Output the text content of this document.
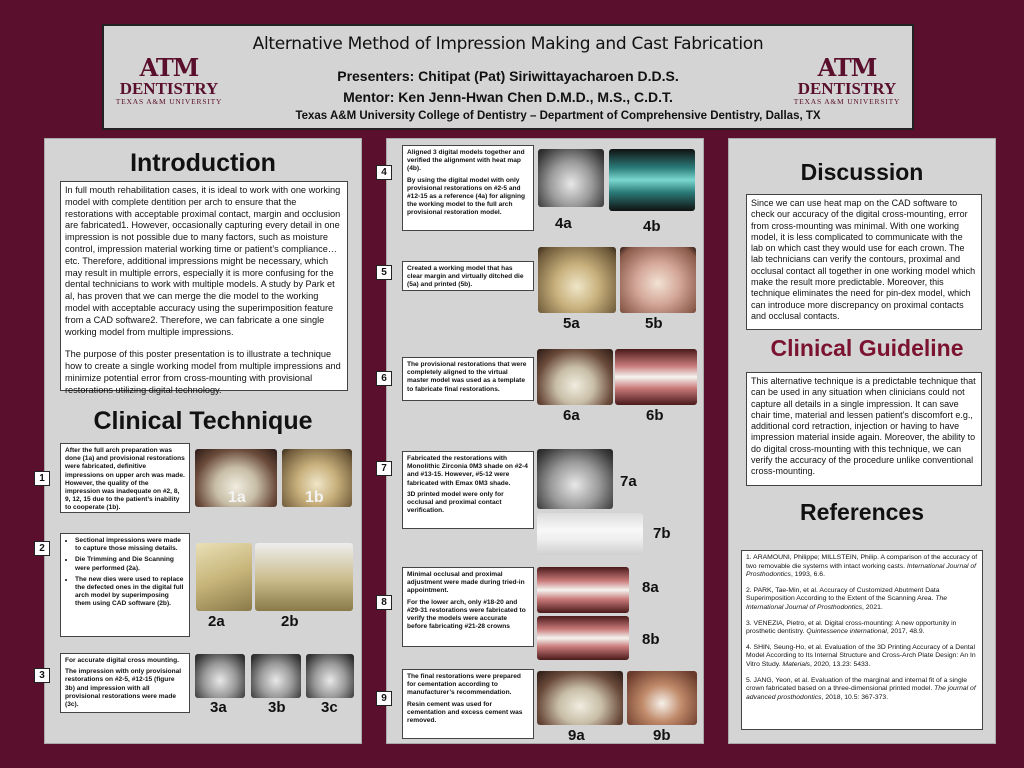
ATM
DENTISTRY
TEXAS A&M UNIVERSITY
ATM
DENTISTRY
TEXAS A&M UNIVERSITY
Alternative Method of Impression Making and Cast Fabrication
Presenters: Chitipat (Pat) Siriwittayacharoen D.D.S.
Mentor: Ken Jenn-Hwan Chen D.M.D., M.S., C.D.T.
Texas A&M University College of Dentistry – Department of Comprehensive Dentistry, Dallas, TX
Introduction

In full mouth rehabilitation cases, it is ideal to work with one working model with complete dentition per arch to ensure that the restorations with acceptable proximal contact, margin and occlusion are fabricated1. However, occasionally capturing every detail in one impression is not possible due to many factors, such as moisture control, impression material working time or patient’s compliance… etc. Therefore, additional impressions might be necessary, which may result in multiple errors, especially it is more confusing for the dental technicians to work with multiple models. A study by Park et al, has proven that we can merge the die model to the working model with acceptable accuracy using the superimposition feature from a CAD software2. Therefore, we can fabricate a one single working model from multiple impressions.

The purpose of this poster presentation is to illustrate a technique how to create a single working model from multiple impressions and minimize potential error from cross-mounting with provisional restorations utilizing digital technology.

Clinical Technique
1
After the full arch preparation was done (1a) and provisional restorations were fabricated, definitive impressions on upper arch was made. However, the quality of the impression was inadequate on #2, 8, 9, 12, 15 due to the patient’s inability to cooperate (1b).
1a	1b
2
• Sectional impressions were made to capture those missing details.
• Die Trimming and Die Scanning were performed (2a).
• The new dies were used to replace the defected ones in the digital full arch model by superimposing them using CAD software (2b).
2a	2b
3

For accurate digital cross mounting.

The impression with only provisional restorations on #2-5, #12-15 (figure 3b) and impression with all provisional restorations were made (3c).	3a	3b 3c
4

Aligned 3 digital models together and verified the alignment with heat map (4b).

By using the digital model with only provisional restorations on #2-5 and #12-15 as a reference (4a) for aligning the working model to the full arch provisional restoration model.

4a	4b
5	Created a working model that has clear margin and virtually ditched die (5a) and printed (5b).
5a	5b
6
The provisional restorations that were completely aligned to the virtual master model was used as a template to fabricate final restorations.
6a	6b
7

Fabricated the restorations with Monolithic Zirconia 0M3 shade on #2-4 and #13-15. However, #5-12 were fabricated with Emax 0M3 shade.

3D printed model were only for occlusal and proximal contact verification.

7a
7b
8

Minimal occlusal and proximal adjustment were made during tried-in appointment.

For the lower arch, only #18-20 and #29-31 restorations were fabricated to verify the models were accurate before fabricating #21-28 crowns

8a
8b
9

The final restorations were prepared for cementation according to manufacturer’s recommendation.

Resin cement was used for cementation and excess cement was removed.

9a	9b
Discussion
Since we can use heat map on the CAD software to check our accuracy of the digital cross-mounting, error from cross-mounting was minimal. With one working model, it is less complicated to communicate with the lab on which cast they would use for each crown. The lab technicians can verify the contours, proximal and occlusal contact all together in one working model which make the result more predictable. Moreover, this technique eliminates the need for pin-dex model, which can introduce more discrepancy on proximal contacts and occlusal contacts.
Clinical Guideline
This alternative technique is a predictable technique that can be used in any situation when clinicians could not capture all details in a single impression. It can save chair time, material and lessen patient’s discomfort e.g., additional cord retraction, injection or having to have impression material inside again. Moreover, the ability to do digital cross-mounting with this technique, we can verify the accuracy of the procedure unlike conventional cross-mounting.
References

1. ARAMOUNI, Philippe; MILLSTEIN, Philip. A comparison of the accuracy of two removable die systems with intact working casts. International Journal of Prosthodontics, 1993, 6.6.

2. PARK, Tae-Min, et al. Accuracy of Customized Abutment Data Superimposition According to the Extent of the Scanning Area. The International Journal of Prosthodontics, 2021.

3. VENEZIA, Pietro, et al. Digital cross-mounting: A new opportunity in prosthetic dentistry. Quintessence international, 2017, 48.9.

4. SHIN, Seung-Ho, et al. Evaluation of the 3D Printing Accuracy of a Dental Model According to Its Internal Structure and Cross-Arch Plate Design: An In Vitro Study. Materials, 2020, 13.23: 5433.

5. JANG, Yeon, et al. Evaluation of the marginal and internal fit of a single crown fabricated based on a three-dimensional printed model. The journal of advanced prosthodontics, 2018, 10.5: 367-373.
